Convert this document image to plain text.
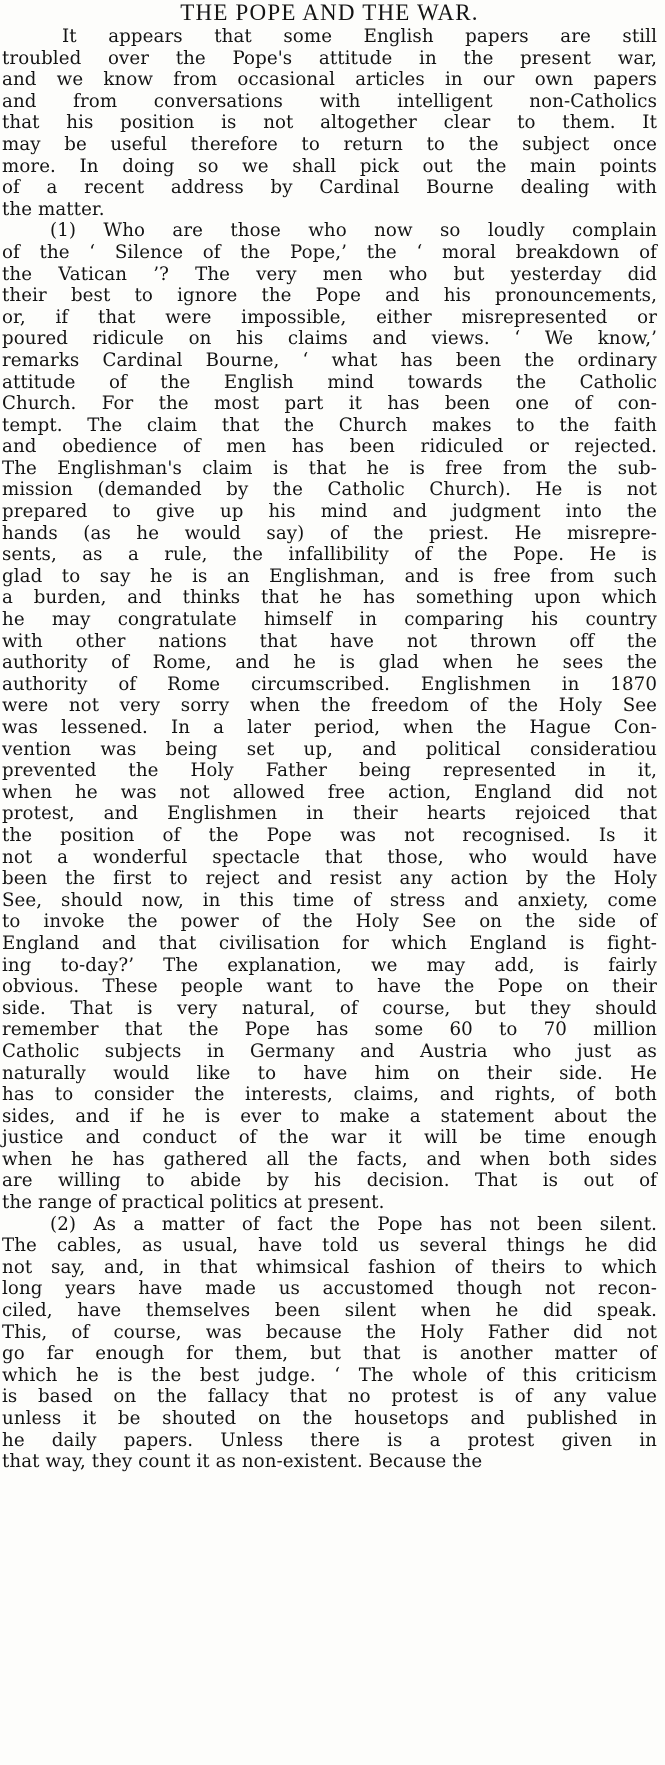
THE POPE AND THE WAR.

It appears that some English papers are still
troubled over the Pope's attitude in the present war,
and we know from occasional articles in our own papers
and from conversations with intelligent non-Catholics
that his position is not altogether clear to them. It
may be useful therefore to return to the subject once
more. In doing so we shall pick out the main points
of a recent address by Cardinal Bourne dealing with
the matter.

(1) Who are those who now so loudly complain
of the ‘ Silence of the Pope,’ the ‘ moral breakdown of
the Vatican ’? The very men who but yesterday did
their best to ignore the Pope and his pronouncements,
or, if that were impossible, either misrepresented or
poured ridicule on his claims and views. ‘ We know,’
remarks Cardinal Bourne, ‘ what has been the ordinary
attitude of the English mind towards the Catholic
Church. For the most part it has been one of con-
tempt. The claim that the Church makes to the faith
and obedience of men has been ridiculed or rejected.
The Englishman's claim is that he is free from the sub-
mission (demanded by the Catholic Church). He is not
prepared to give up his mind and judgment into the
hands (as he would say) of the priest. He misrepre-
sents, as a rule, the infallibility of the Pope. He is
glad to say he is an Englishman, and is free from such
a burden, and thinks that he has something upon which
he may congratulate himself in comparing his country
with other nations that have not thrown off the
authority of Rome, and he is glad when he sees the
authority of Rome circumscribed. Englishmen in 1870
were not very sorry when the freedom of the Holy See
was lessened. In a later period, when the Hague Con-
vention was being set up, and political consideratiou
prevented the Holy Father being represented in it,
when he was not allowed free action, England did not
protest, and Englishmen in their hearts rejoiced that
the position of the Pope was not recognised. Is it
not a wonderful spectacle that those, who would have
been the first to reject and resist any action by the Holy
See, should now, in this time of stress and anxiety, come
to invoke the power of the Holy See on the side of
England and that civilisation for which England is fight-
ing to-day?’ The explanation, we may add, is fairly
obvious. These people want to have the Pope on their
side. That is very natural, of course, but they should
remember that the Pope has some 60 to 70 million
Catholic subjects in Germany and Austria who just as
naturally would like to have him on their side. He
has to consider the interests, claims, and rights, of both
sides, and if he is ever to make a statement about the
justice and conduct of the war it will be time enough
when he has gathered all the facts, and when both sides
are willing to abide by his decision. That is out of
the range of practical politics at present.

(2) As a matter of fact the Pope has not been silent.
The cables, as usual, have told us several things he did
not say, and, in that whimsical fashion of theirs to which
long years have made us accustomed though not recon-
ciled, have themselves been silent when he did speak.
This, of course, was because the Holy Father did not
go far enough for them, but that is another matter of
which he is the best judge. ‘ The whole of this criticism
is based on the fallacy that no protest is of any value
unless it be shouted on the housetops and published in
he daily papers. Unless there is a protest given in
that way, they count it as non-existent. Because the
